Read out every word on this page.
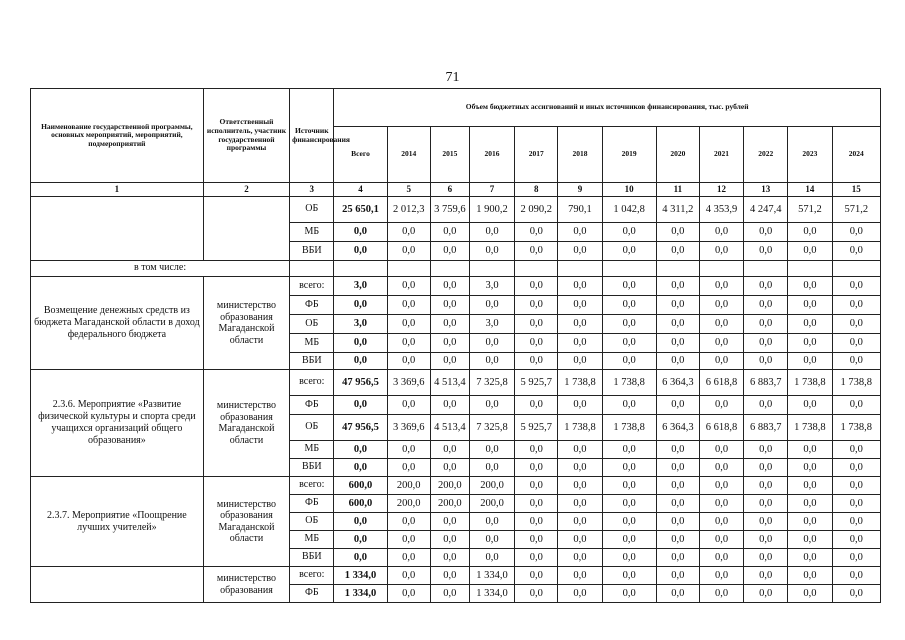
71
Наименование государственной программы, основных мероприятий, мероприятий, подмероприятий	Ответственный исполнитель, участник государственной программы	Источник финансирования	Объем бюджетных ассигнований и иных источников финансирования, тыс. рублей											
			Всего	2014	2015	2016	2017	2018	2019	2020	2021	2022	2023	2024
1	2	3	4	5	6	7	8	9	10	11	12	13	14	15
		ОБ	25 650,1	2 012,3	3 759,6	1 900,2	2 090,2	790,1	1 042,8	4 311,2	4 353,9	4 247,4	571,2	571,2
		МБ	0,0	0,0	0,0	0,0	0,0	0,0	0,0	0,0	0,0	0,0	0,0	0,0
		ВБИ	0,0	0,0	0,0	0,0	0,0	0,0	0,0	0,0	0,0	0,0	0,0	0,0
в том числе:														
Возмещение денежных средств из бюджета Магаданской области в доход федерального бюджета	министерство образования Магаданской области	всего:	3,0	0,0	0,0	3,0	0,0	0,0	0,0	0,0	0,0	0,0	0,0	0,0
		ФБ	0,0	0,0	0,0	0,0	0,0	0,0	0,0	0,0	0,0	0,0	0,0	0,0
		ОБ	3,0	0,0	0,0	3,0	0,0	0,0	0,0	0,0	0,0	0,0	0,0	0,0
		МБ	0,0	0,0	0,0	0,0	0,0	0,0	0,0	0,0	0,0	0,0	0,0	0,0
		ВБИ	0,0	0,0	0,0	0,0	0,0	0,0	0,0	0,0	0,0	0,0	0,0	0,0
2.3.6. Мероприятие «Развитие физической культуры и спорта среди учащихся организаций общего образования»	министерство образования Магаданской области	всего:	47 956,5	3 369,6	4 513,4	7 325,8	5 925,7	1 738,8	1 738,8	6 364,3	6 618,8	6 883,7	1 738,8	1 738,8
		ФБ	0,0	0,0	0,0	0,0	0,0	0,0	0,0	0,0	0,0	0,0	0,0	0,0
		ОБ	47 956,5	3 369,6	4 513,4	7 325,8	5 925,7	1 738,8	1 738,8	6 364,3	6 618,8	6 883,7	1 738,8	1 738,8
		МБ	0,0	0,0	0,0	0,0	0,0	0,0	0,0	0,0	0,0	0,0	0,0	0,0
		ВБИ	0,0	0,0	0,0	0,0	0,0	0,0	0,0	0,0	0,0	0,0	0,0	0,0
2.3.7. Мероприятие «Поощрение лучших учителей»	министерство образования Магаданской области	всего:	600,0	200,0	200,0	200,0	0,0	0,0	0,0	0,0	0,0	0,0	0,0	0,0
		ФБ	600,0	200,0	200,0	200,0	0,0	0,0	0,0	0,0	0,0	0,0	0,0	0,0
		ОБ	0,0	0,0	0,0	0,0	0,0	0,0	0,0	0,0	0,0	0,0	0,0	0,0
		МБ	0,0	0,0	0,0	0,0	0,0	0,0	0,0	0,0	0,0	0,0	0,0	0,0
		ВБИ	0,0	0,0	0,0	0,0	0,0	0,0	0,0	0,0	0,0	0,0	0,0	0,0
	министерство образования	всего:	1 334,0	0,0	0,0	1 334,0	0,0	0,0	0,0	0,0	0,0	0,0	0,0	0,0
		ФБ	1 334,0	0,0	0,0	1 334,0	0,0	0,0	0,0	0,0	0,0	0,0	0,0	0,0
